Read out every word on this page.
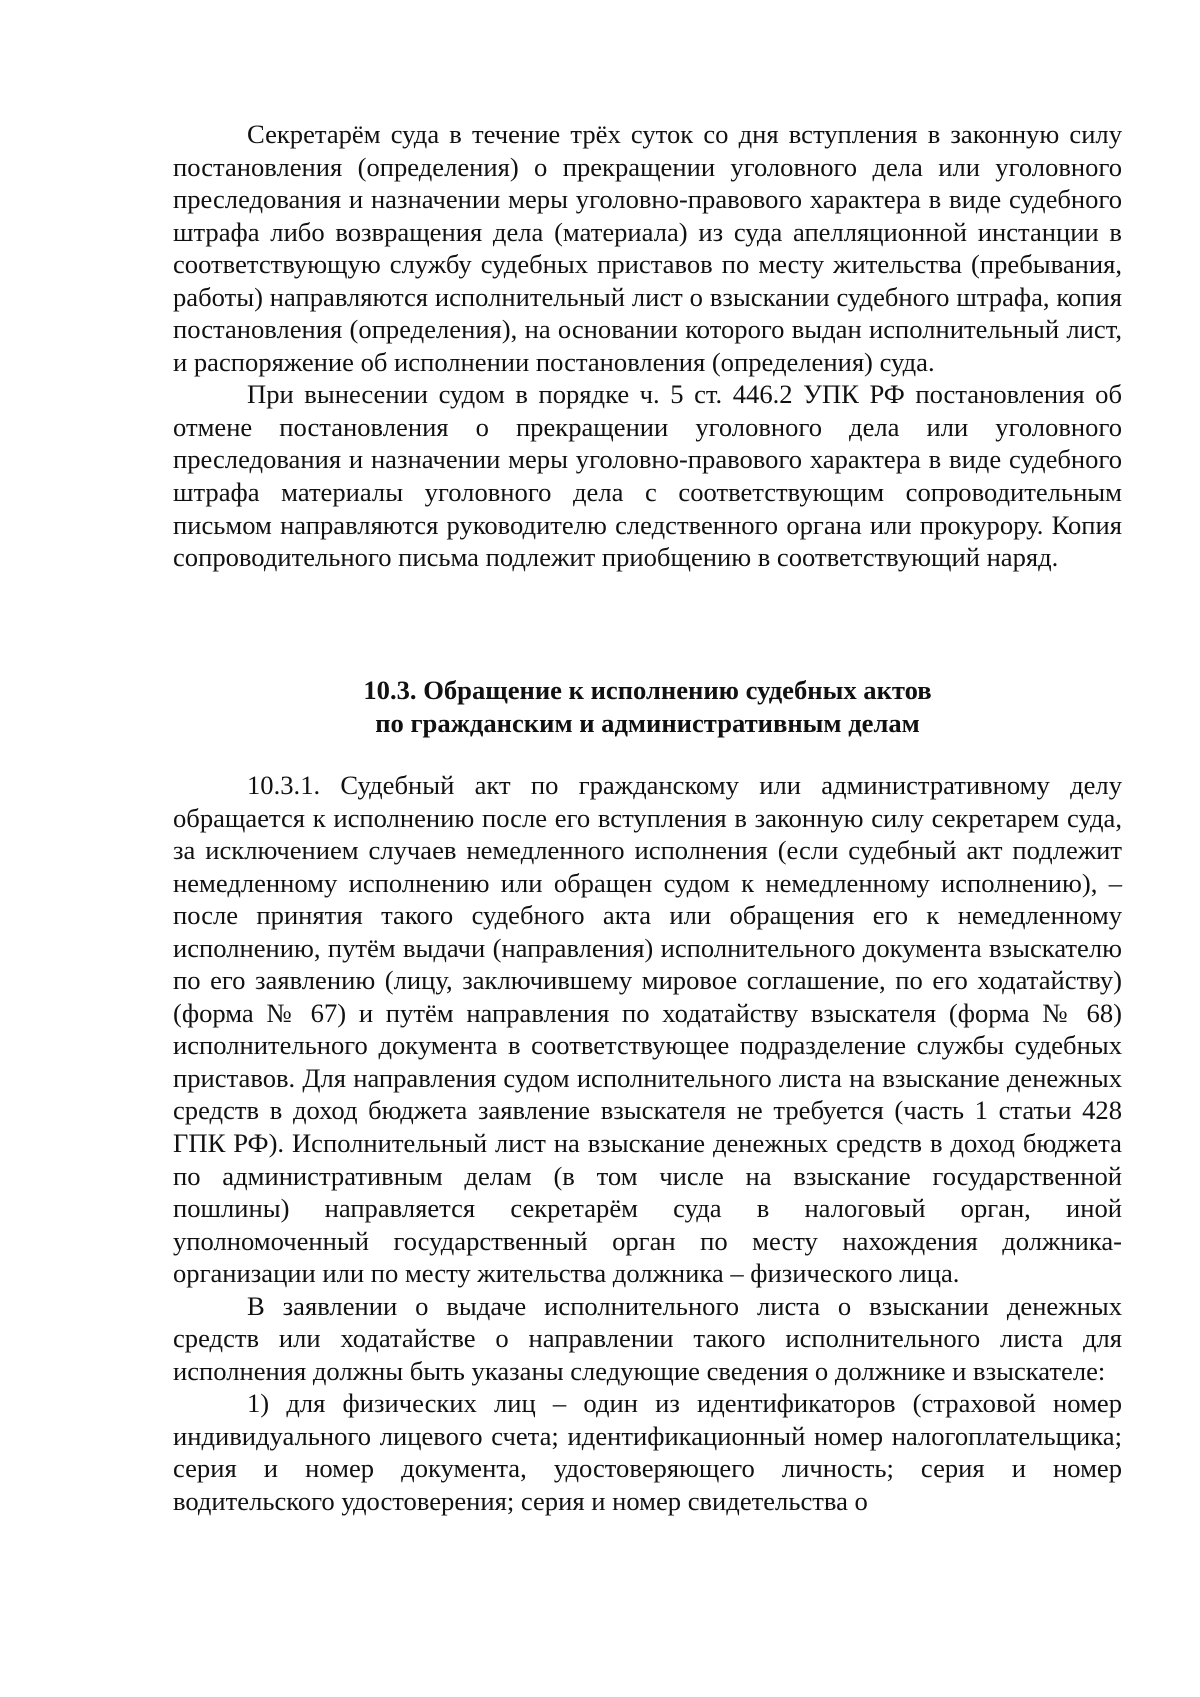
Секретарём суда в течение трёх суток со дня вступления в законную силу постановления (определения) о прекращении уголовного дела или уголовного преследования и назначении меры уголовно-правового характера в виде судебного штрафа либо возвращения дела (материала) из суда апелляционной инстанции в соответствующую службу судебных приставов по месту жительства (пребывания, работы) направляются исполнительный лист о взыскании судебного штрафа, копия постановления (определения), на основании которого выдан исполнительный лист, и распоряжение об исполнении постановления (определения) суда.

При вынесении судом в порядке ч. 5 ст. 446.2 УПК РФ постановления об отмене постановления о прекращении уголовного дела или уголовного преследования и назначении меры уголовно-правового характера в виде судебного штрафа материалы уголовного дела с соответствующим сопроводительным письмом направляются руководителю следственного органа или прокурору. Копия сопроводительного письма подлежит приобщению в соответствующий наряд.

10.3. Обращение к исполнению судебных актов
по гражданским и административным делам

10.3.1. Судебный акт по гражданскому или административному делу обращается к исполнению после его вступления в законную силу секретарем суда, за исключением случаев немедленного исполнения (если судебный акт подлежит немедленному исполнению или обращен судом к немедленному исполнению), – после принятия такого судебного акта или обращения его к немедленному исполнению, путём выдачи (направления) исполнительного документа взыскателю по его заявлению (лицу, заключившему мировое соглашение, по его ходатайству) (форма № 67) и путём направления по ходатайству взыскателя (форма № 68) исполнительного документа в соответствующее подразделение службы судебных приставов. Для направления судом исполнительного листа на взыскание денежных средств в доход бюджета заявление взыскателя не требуется (часть 1 статьи 428 ГПК РФ). Исполнительный лист на взыскание денежных средств в доход бюджета по административным делам (в том числе на взыскание государственной пошлины) направляется секретарём суда в налоговый орган, иной уполномоченный государственный орган по месту нахождения должника-организации или по месту жительства должника – физического лица.

В заявлении о выдаче исполнительного листа о взыскании денежных средств или ходатайстве о направлении такого исполнительного листа для исполнения должны быть указаны следующие сведения о должнике и взыскателе:

1) для физических лиц – один из идентификаторов (страховой номер индивидуального лицевого счета; идентификационный номер налогоплательщика; серия и номер документа, удостоверяющего личность; серия и номер водительского удостоверения; серия и номер свидетельства о
